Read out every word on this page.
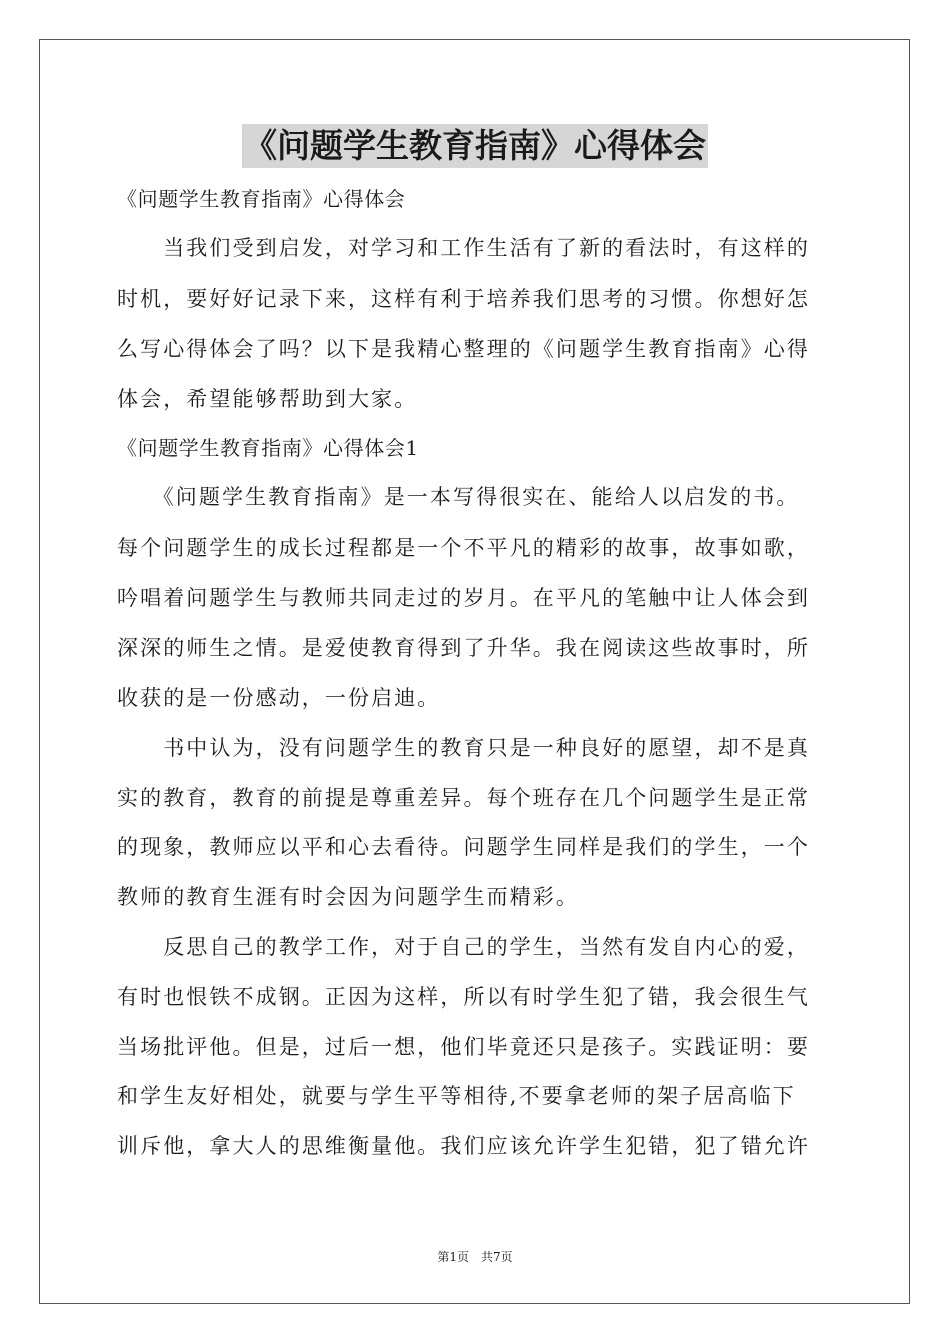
《问题学生教育指南》心得体会
《问题学生教育指南》心得体会
　　当我们受到启发，对学习和工作生活有了新的看法时，有这样的
时机，要好好记录下来，这样有利于培养我们思考的习惯。你想好怎
么写心得体会了吗？以下是我精心整理的《问题学生教育指南》心得
体会，希望能够帮助到大家。
《问题学生教育指南》心得体会1
　　《问题学生教育指南》是一本写得很实在、能给人以启发的书。
每个问题学生的成长过程都是一个不平凡的精彩的故事，故事如歌，
吟唱着问题学生与教师共同走过的岁月。在平凡的笔触中让人体会到
深深的师生之情。是爱使教育得到了升华。我在阅读这些故事时，所
收获的是一份感动，一份启迪。
　　书中认为，没有问题学生的教育只是一种良好的愿望，却不是真
实的教育，教育的前提是尊重差异。每个班存在几个问题学生是正常
的现象，教师应以平和心去看待。问题学生同样是我们的学生，一个
教师的教育生涯有时会因为问题学生而精彩。
　　反思自己的教学工作，对于自己的学生，当然有发自内心的爱，
有时也恨铁不成钢。正因为这样，所以有时学生犯了错，我会很生气
当场批评他。但是，过后一想，他们毕竟还只是孩子。实践证明：要
和学生友好相处，就要与学生平等相待,不要拿老师的架子居高临下
训斥他，拿大人的思维衡量他。我们应该允许学生犯错，犯了错允许
第1页　共7页
